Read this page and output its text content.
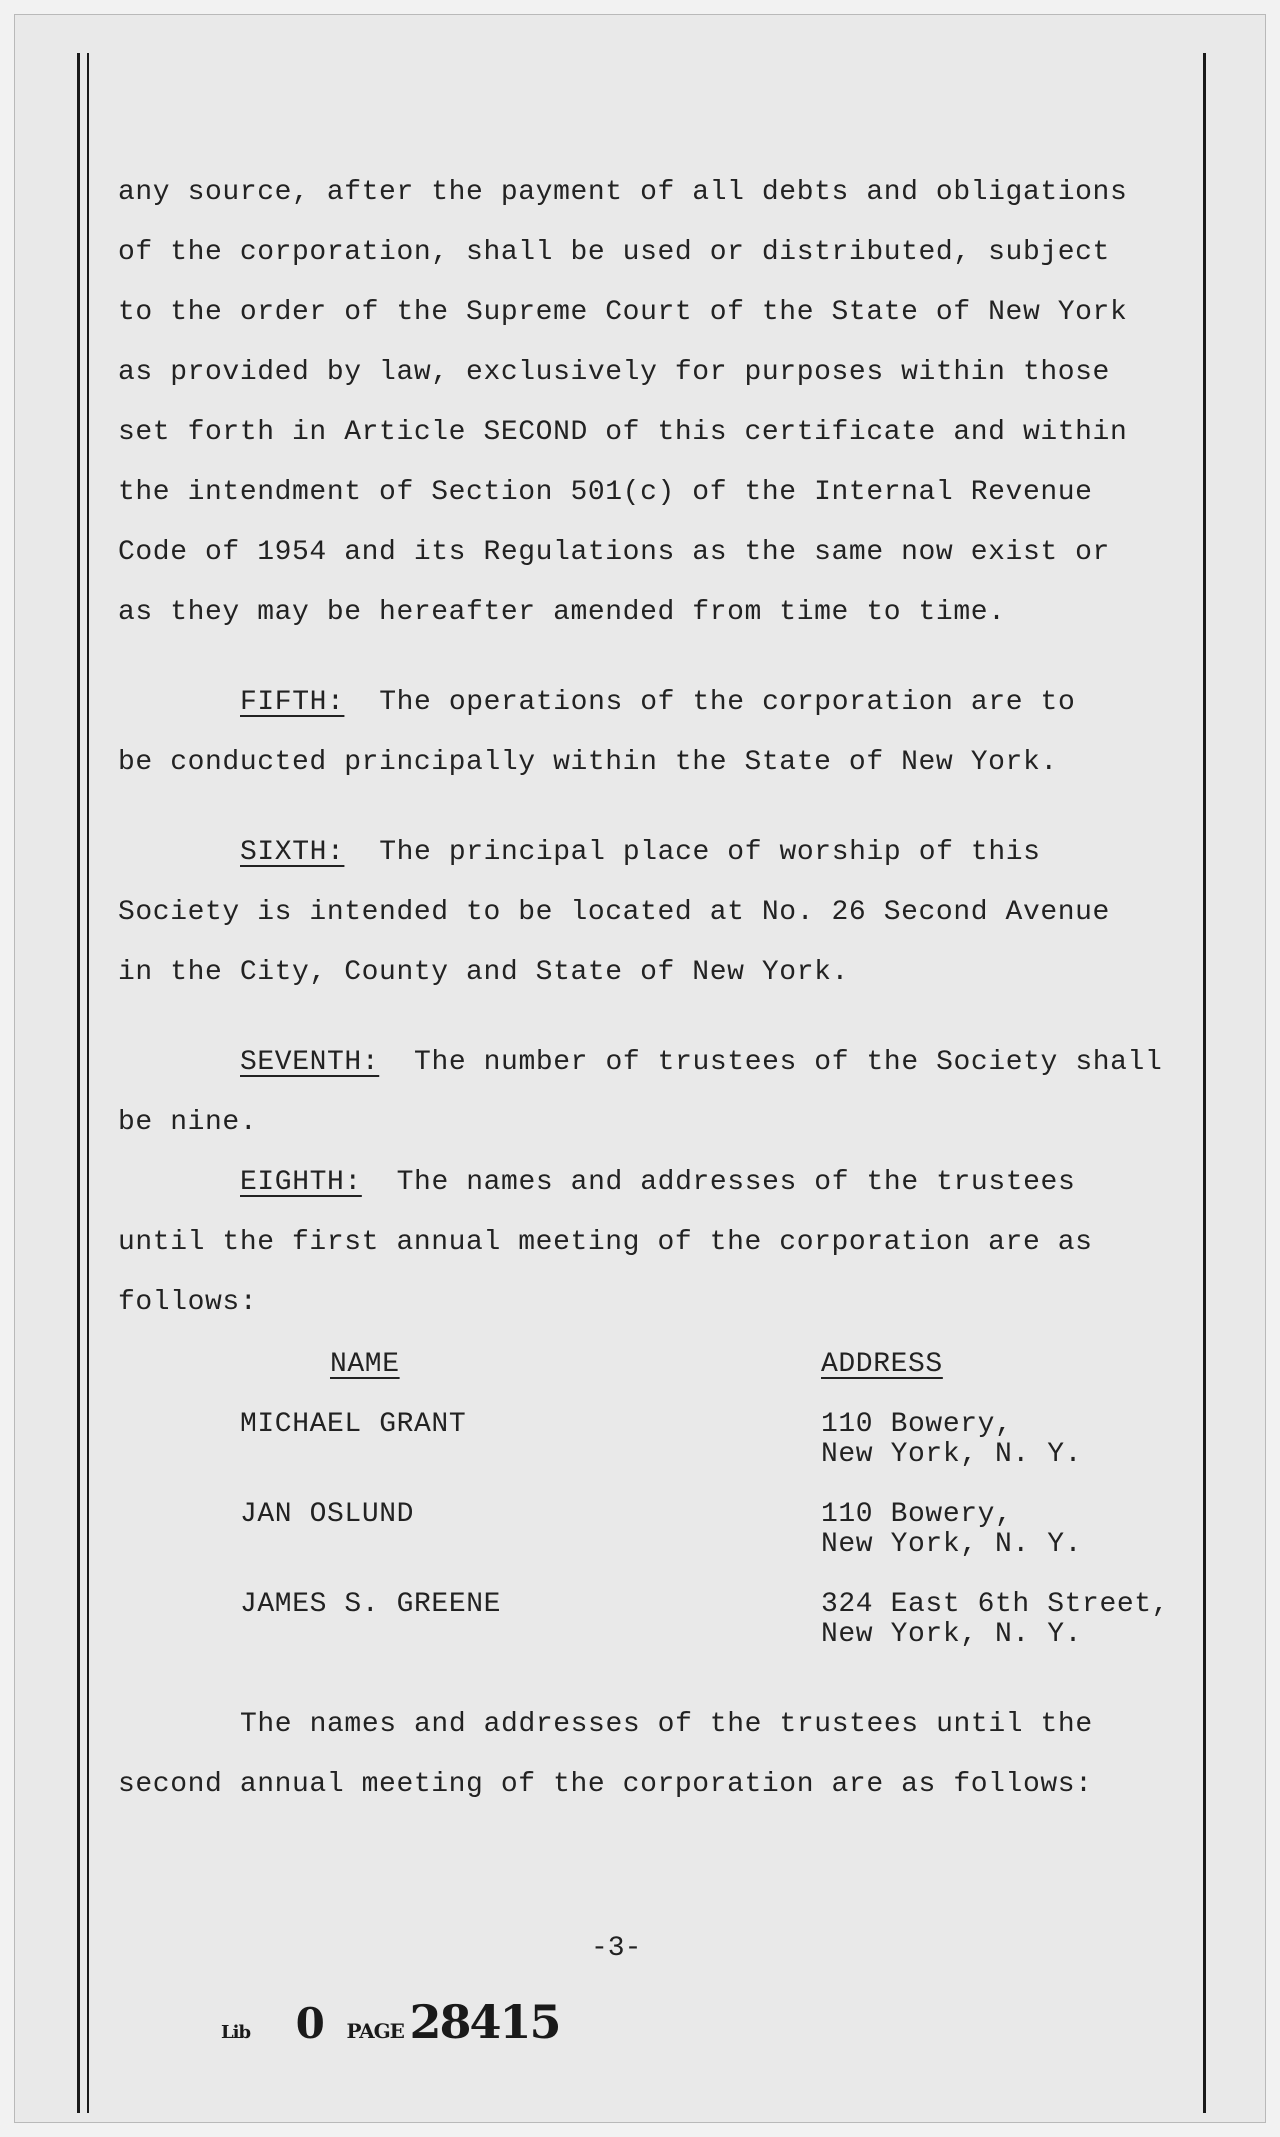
any source, after the payment of all debts and obligations

of the corporation, shall be used or distributed, subject

to the order of the Supreme Court of the State of New York

as provided by law, exclusively for purposes within those

set forth in Article SECOND of this certificate and within

the intendment of Section 501(c) of the Internal Revenue

Code of 1954 and its Regulations as the same now exist or

as they may be hereafter amended from time to time.

FIFTH: The operations of the corporation are to

be conducted principally within the State of New York.

SIXTH: The principal place of worship of this

Society is intended to be located at No. 26 Second Avenue

in the City, County and State of New York.

SEVENTH: The number of trustees of the Society shall

be nine.

EIGHTH: The names and addresses of the trustees

until the first annual meeting of the corporation are as

follows:

NAME	ADDRESS

MICHAEL GRANT	110 Bowery,

New York, N. Y.

JAN OSLUND	110 Bowery,

New York, N. Y.

JAMES S. GREENE	324 East 6th Street,

New York, N. Y.

The names and addresses of the trustees until the

second annual meeting of the corporation are as follows:

-3-
Lib 0 PAGE 28415
